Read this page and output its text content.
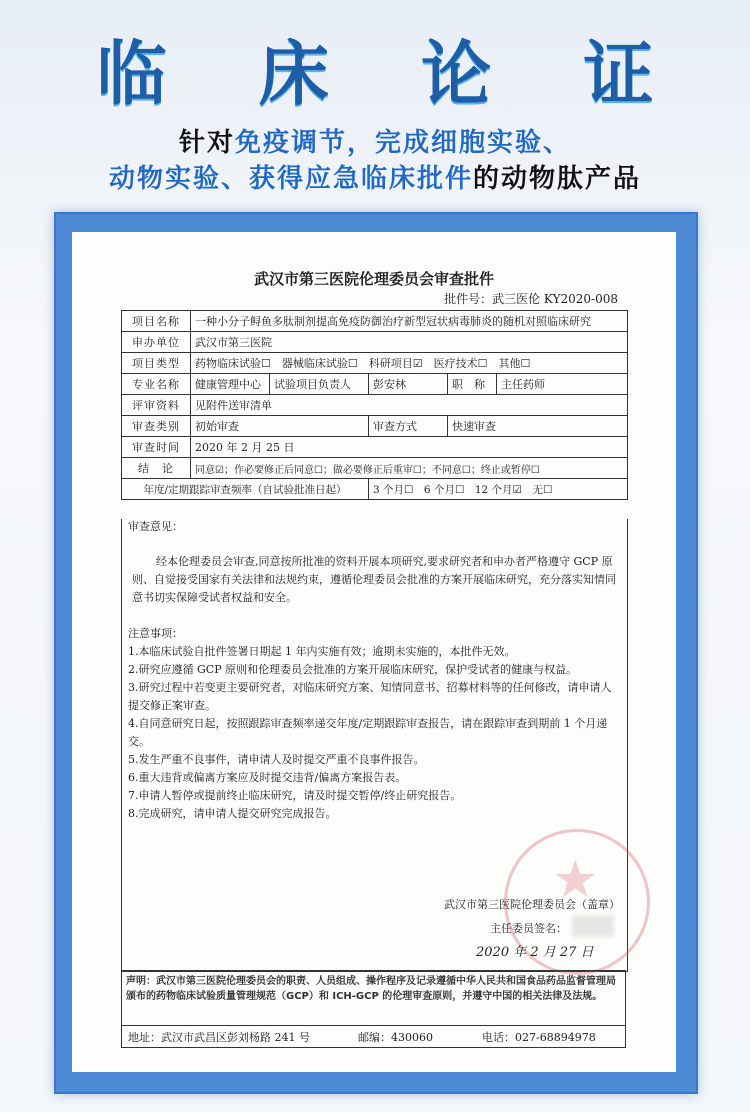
临 床 论 证
针对免疫调节，完成细胞实验、
动物实验、获得应急临床批件的动物肽产品
武汉市第三医院伦理委员会审查批件
批件号：武三医伦 KY2020-008
项目名称	一种小分子鲟鱼多肽制剂提高免疫防御治疗新型冠状病毒肺炎的随机对照临床研究				
申办单位	武汉市第三医院				
项目类型	药物临床试验☐　器械临床试验☐　科研项目☑　医疗技术☐　其他☐				
专业名称	健康管理中心	试验项目负责人	彭安林	职　称	主任药师
评审资料	见附件送审清单				
审查类别	初始审查		审查方式	快速审查	
审查时间	2020 年 2 月 25 日				
结　论	同意☑；作必要修正后同意☐；做必要修正后重审☐；不同意☐；终止或暂停☐				
年度/定期跟踪审查频率（自试验批准日起）			3 个月☐　6 个月☐　12 个月☑　无☐		
★
审查意见：
经本伦理委员会审查,同意按所批准的资料开展本项研究,要求研究者和申办者严格遵守 GCP 原则、自觉接受国家有关法律和法规约束，遵循伦理委员会批准的方案开展临床研究，充分落实知情同意书切实保障受试者权益和安全。
注意事项：
1.本临床试验自批件签署日期起 1 年内实施有效；逾期未实施的，本批件无效。
2.研究应遵循 GCP 原则和伦理委员会批准的方案开展临床研究，保护受试者的健康与权益。
3.研究过程中若变更主要研究者，对临床研究方案、知情同意书、招募材料等的任何修改，请申请人提交修正案审查。
4.自同意研究日起，按照跟踪审查频率递交年度/定期跟踪审查报告，请在跟踪审查到期前 1 个月递交。
5.发生严重不良事件，请申请人及时提交严重不良事件报告。
6.重大违背或偏离方案应及时提交违背/偏离方案报告表。
7.申请人暂停或提前终止临床研究，请及时提交暂停/终止研究报告。
8.完成研究，请申请人提交研究完成报告。
武汉市第三医院伦理委员会（盖章）
主任委员签名：
2020 年 2 月 27 日
声明：武汉市第三医院伦理委员会的职责、人员组成、操作程序及记录遵循中华人民共和国食品药品监督管理局颁布的药物临床试验质量管理规范（GCP）和 ICH-GCP 的伦理审查原则，并遵守中国的相关法律及法规。
地址：武汉市武昌区彭刘杨路 241 号	邮编：430060	电话：027-68894978
